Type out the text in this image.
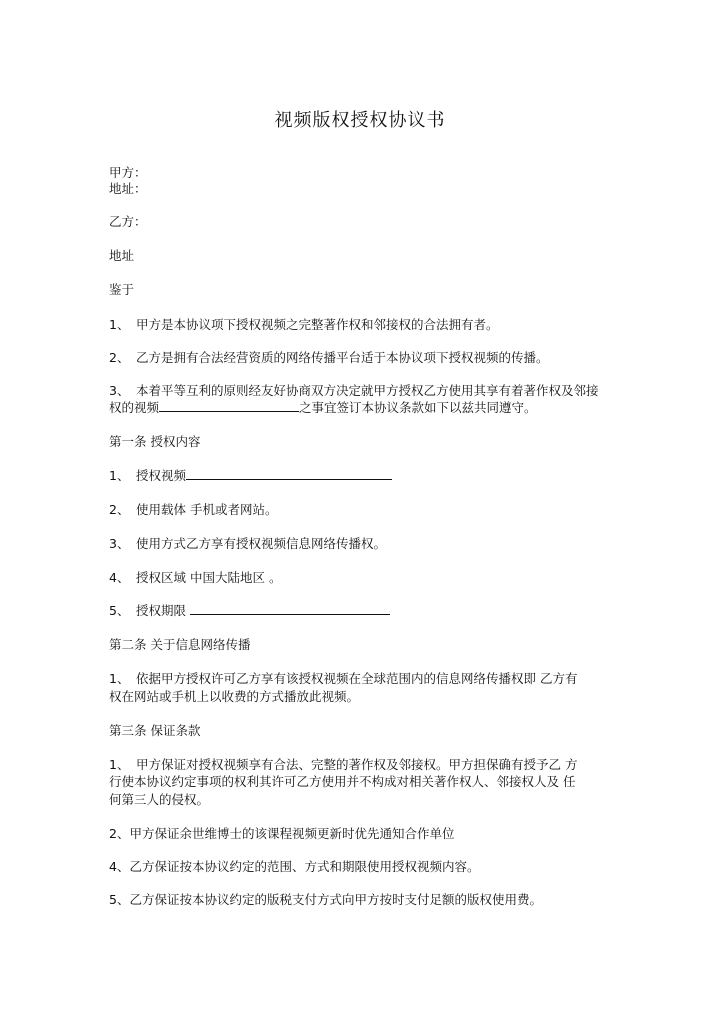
视频版权授权协议书
甲方：
地址：
乙方：
地址
鉴于
1、 甲方是本协议项下授权视频之完整著作权和邻接权的合法拥有者。
2、 乙方是拥有合法经营资质的网络传播平台适于本协议项下授权视频的传播。
3、 本着平等互利的原则经友好协商双方决定就甲方授权乙方使用其享有着著作权及邻接
权的视频	之事宜签订本协议条款如下以兹共同遵守。
第一条 授权内容
1、 授权视频
2、 使用载体 手机或者网站。
3、 使用方式乙方享有授权视频信息网络传播权。
4、 授权区域 中国大陆地区 。
5、 授权期限
第二条 关于信息网络传播
1、 依据甲方授权许可乙方享有该授权视频在全球范围内的信息网络传播权即 乙方有
权在网站或手机上以收费的方式播放此视频。
第三条 保证条款
1、 甲方保证对授权视频享有合法、完整的著作权及邻接权。甲方担保确有授予乙 方
行使本协议约定事项的权利其许可乙方使用并不构成对相关著作权人、邻接权人及 任
何第三人的侵权。
2、甲方保证余世维博士的该课程视频更新时优先通知合作单位
4、乙方保证按本协议约定的范围、方式和期限使用授权视频内容。
5、乙方保证按本协议约定的版税支付方式向甲方按时支付足额的版权使用费。
